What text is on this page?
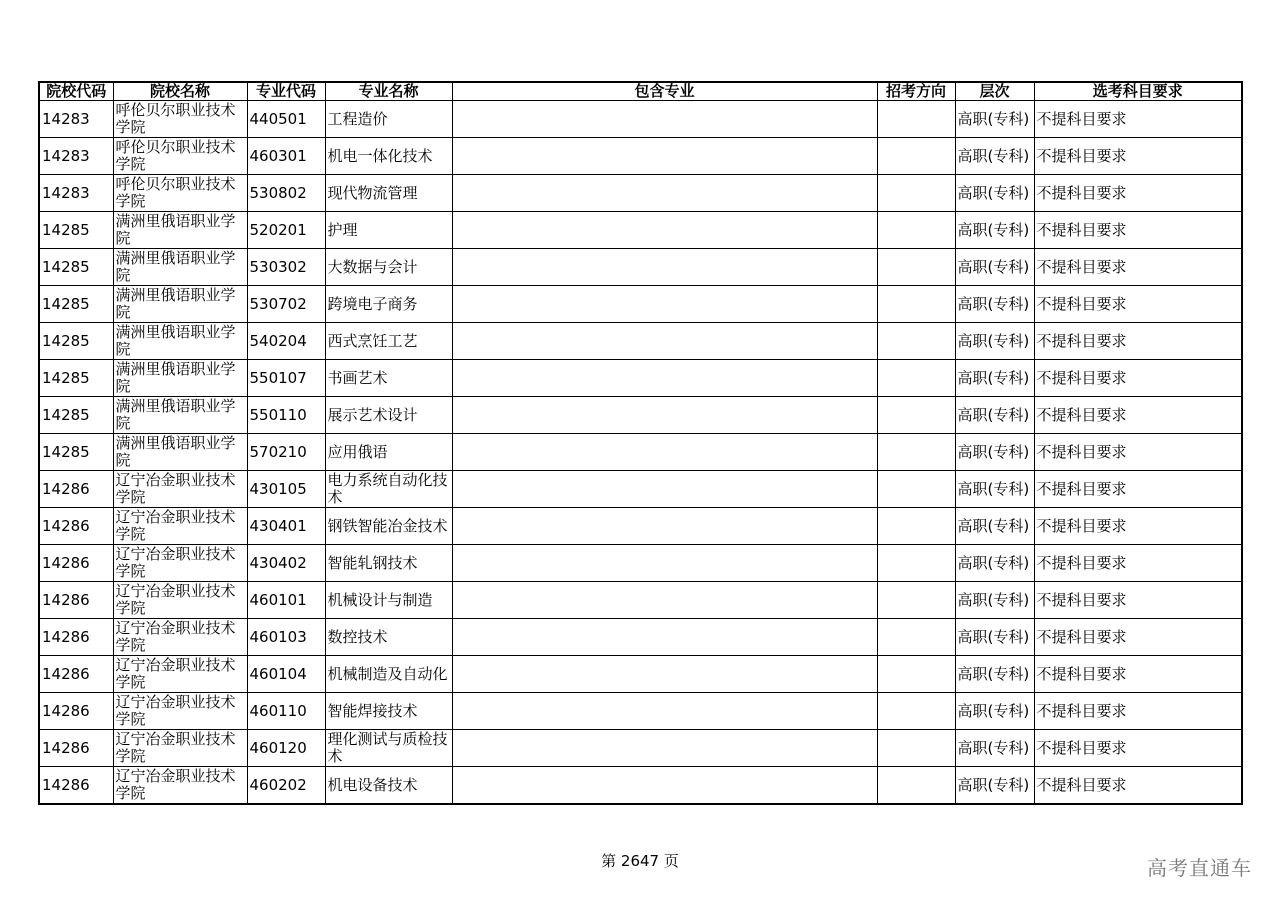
院校代码	院校名称	专业代码	专业名称	包含专业	招考方向	层次	选考科目要求
14283	呼伦贝尔职业技术学院	440501	工程造价			高职(专科)	不提科目要求
14283	呼伦贝尔职业技术学院	460301	机电一体化技术			高职(专科)	不提科目要求
14283	呼伦贝尔职业技术学院	530802	现代物流管理			高职(专科)	不提科目要求
14285	满洲里俄语职业学院	520201	护理			高职(专科)	不提科目要求
14285	满洲里俄语职业学院	530302	大数据与会计			高职(专科)	不提科目要求
14285	满洲里俄语职业学院	530702	跨境电子商务			高职(专科)	不提科目要求
14285	满洲里俄语职业学院	540204	西式烹饪工艺			高职(专科)	不提科目要求
14285	满洲里俄语职业学院	550107	书画艺术			高职(专科)	不提科目要求
14285	满洲里俄语职业学院	550110	展示艺术设计			高职(专科)	不提科目要求
14285	满洲里俄语职业学院	570210	应用俄语			高职(专科)	不提科目要求
14286	辽宁冶金职业技术学院	430105	电力系统自动化技术			高职(专科)	不提科目要求
14286	辽宁冶金职业技术学院	430401	钢铁智能冶金技术			高职(专科)	不提科目要求
14286	辽宁冶金职业技术学院	430402	智能轧钢技术			高职(专科)	不提科目要求
14286	辽宁冶金职业技术学院	460101	机械设计与制造			高职(专科)	不提科目要求
14286	辽宁冶金职业技术学院	460103	数控技术			高职(专科)	不提科目要求
14286	辽宁冶金职业技术学院	460104	机械制造及自动化			高职(专科)	不提科目要求
14286	辽宁冶金职业技术学院	460110	智能焊接技术			高职(专科)	不提科目要求
14286	辽宁冶金职业技术学院	460120	理化测试与质检技术			高职(专科)	不提科目要求
14286	辽宁冶金职业技术学院	460202	机电设备技术			高职(专科)	不提科目要求
第 2647 页	高考直通车
